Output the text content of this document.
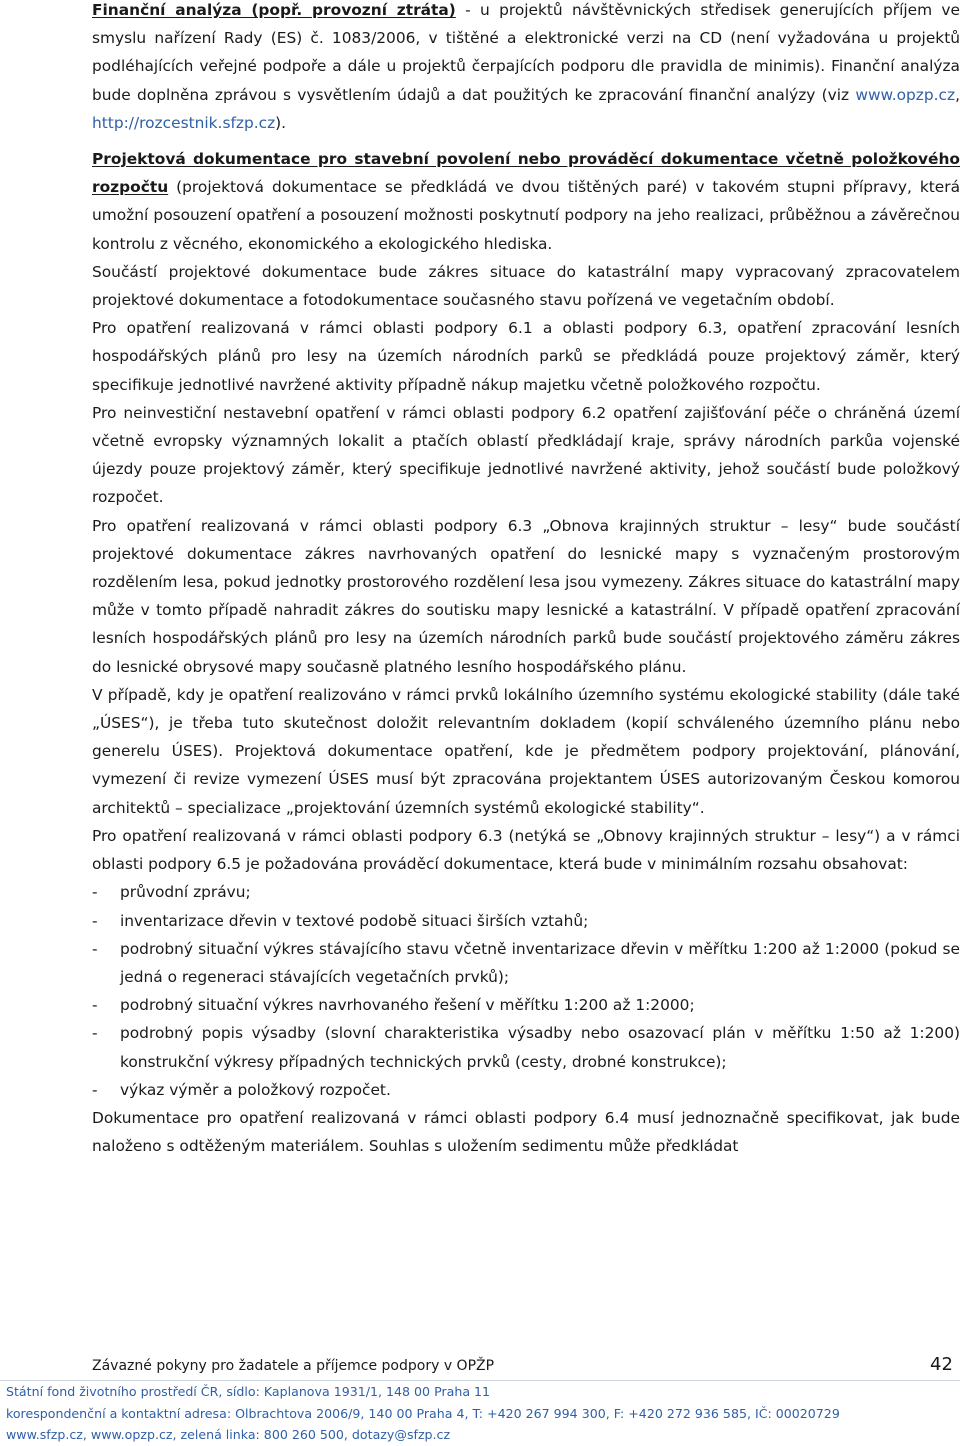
Finanční analýza (popř. provozní ztráta) - u projektů návštěvnických středisek generujících příjem ve smyslu nařízení Rady (ES) č. 1083/2006, v tištěné a elektronické verzi na CD (není vyžadována u projektů podléhajících veřejné podpoře a dále u projektů čerpajících podporu dle pravidla de minimis). Finanční analýza bude doplněna zprávou s vysvětlením údajů a dat použitých ke zpracování finanční analýzy (viz www.opzp.cz, http://rozcestnik.sfzp.cz).

Projektová dokumentace pro stavební povolení nebo prováděcí dokumentace včetně položkového rozpočtu (projektová dokumentace se předkládá ve dvou tištěných paré) v takovém stupni přípravy, která umožní posouzení opatření a posouzení možnosti poskytnutí podpory na jeho realizaci, průběžnou a závěrečnou kontrolu z věcného, ekonomického a ekologického hlediska.

Součástí projektové dokumentace bude zákres situace do katastrální mapy vypracovaný zpracovatelem projektové dokumentace a fotodokumentace současného stavu pořízená ve vegetačním období.

Pro opatření realizovaná v rámci oblasti podpory 6.1 a oblasti podpory 6.3, opatření zpracování lesních hospodářských plánů pro lesy na územích národních parků se předkládá pouze projektový záměr, který specifikuje jednotlivé navržené aktivity případně nákup majetku včetně položkového rozpočtu.

Pro neinvestiční nestavební opatření v rámci oblasti podpory 6.2 opatření zajišťování péče o chráněná území včetně evropsky významných lokalit a ptačích oblastí předkládají kraje, správy národních parkůa vojenské újezdy pouze projektový záměr, který specifikuje jednotlivé navržené aktivity, jehož součástí bude položkový rozpočet.

Pro opatření realizovaná v rámci oblasti podpory 6.3 „Obnova krajinných struktur – lesy“ bude součástí projektové dokumentace zákres navrhovaných opatření do lesnické mapy s vyznačeným prostorovým rozdělením lesa, pokud jednotky prostorového rozdělení lesa jsou vymezeny. Zákres situace do katastrální mapy může v tomto případě nahradit zákres do soutisku mapy lesnické a katastrální. V případě opatření zpracování lesních hospodářských plánů pro lesy na územích národních parků bude součástí projektového záměru zákres do lesnické obrysové mapy současně platného lesního hospodářského plánu.

V případě, kdy je opatření realizováno v rámci prvků lokálního územního systému ekologické stability (dále také „ÚSES“), je třeba tuto skutečnost doložit relevantním dokladem (kopií schváleného územního plánu nebo generelu ÚSES). Projektová dokumentace opatření, kde je předmětem podpory projektování, plánování, vymezení či revize vymezení ÚSES musí být zpracována projektantem ÚSES autorizovaným Českou komorou architektů – specializace „projektování územních systémů ekologické stability“.

Pro opatření realizovaná v rámci oblasti podpory 6.3 (netýká se „Obnovy krajinných struktur – lesy“) a v rámci oblasti podpory 6.5 je požadována prováděcí dokumentace, která bude v minimálním rozsahu obsahovat:

- průvodní zprávu;
- inventarizace dřevin v textové podobě situaci širších vztahů;
- podrobný situační výkres stávajícího stavu včetně inventarizace dřevin v měřítku 1:200 až 1:2000 (pokud se jedná o regeneraci stávajících vegetačních prvků);
- podrobný situační výkres navrhovaného řešení v měřítku 1:200 až 1:2000;
- podrobný popis výsadby (slovní charakteristika výsadby nebo osazovací plán v měřítku 1:50 až 1:200) konstrukční výkresy případných technických prvků (cesty, drobné konstrukce);
- výkaz výměr a položkový rozpočet.

Dokumentace pro opatření realizovaná v rámci oblasti podpory 6.4 musí jednoznačně specifikovat, jak bude naloženo s odtěženým materiálem. Souhlas s uložením sedimentu může předkládat

Závazné pokyny pro žadatele a příjemce podpory v OPŽP	42
Státní fond životního prostředí ČR, sídlo: Kaplanova 1931/1, 148 00 Praha 11
korespondenční a kontaktní adresa: Olbrachtova 2006/9, 140 00 Praha 4, T: +420 267 994 300, F: +420 272 936 585, IČ: 00020729
www.sfzp.cz, www.opzp.cz, zelená linka: 800 260 500, dotazy@sfzp.cz
